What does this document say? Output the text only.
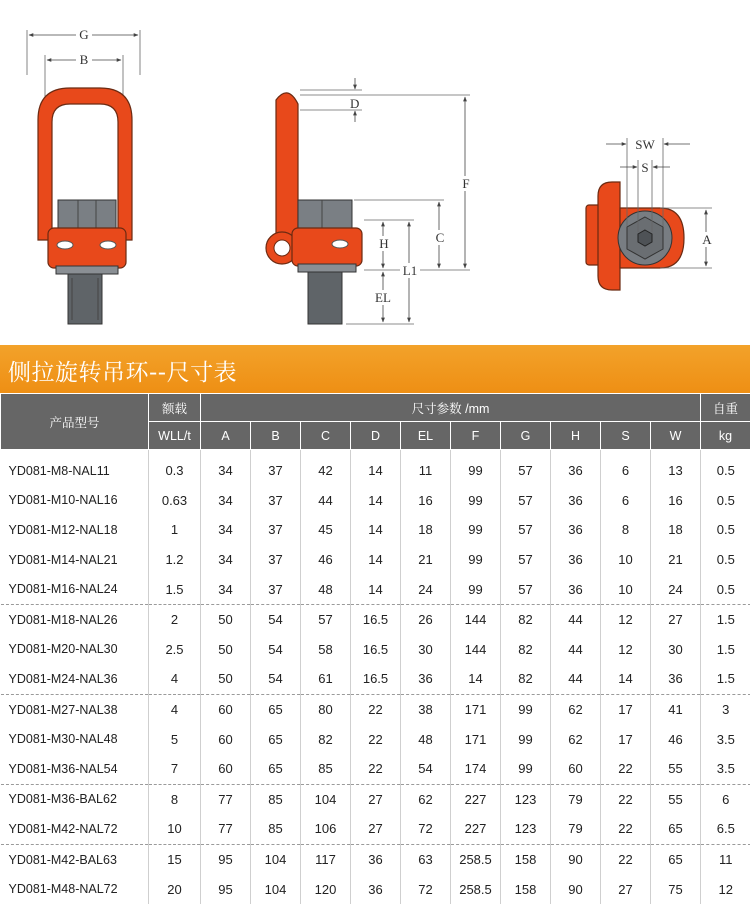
G
B
D
F
C
H
L1
EL
SW
S
A
侧拉旋转吊环--尺寸表
产品型号	额载	尺寸参数 /mm										自重
	WLL/t	A	B	C	D	EL	F	G	H	S	W	kg
YD081-M8-NAL11	0.3	34	37	42	14	11	99	57	36	6	13	0.5
YD081-M10-NAL16	0.63	34	37	44	14	16	99	57	36	6	16	0.5
YD081-M12-NAL18	1	34	37	45	14	18	99	57	36	8	18	0.5
YD081-M14-NAL21	1.2	34	37	46	14	21	99	57	36	10	21	0.5
YD081-M16-NAL24	1.5	34	37	48	14	24	99	57	36	10	24	0.5
YD081-M18-NAL26	2	50	54	57	16.5	26	144	82	44	12	27	1.5
YD081-M20-NAL30	2.5	50	54	58	16.5	30	144	82	44	12	30	1.5
YD081-M24-NAL36	4	50	54	61	16.5	36	14	82	44	14	36	1.5
YD081-M27-NAL38	4	60	65	80	22	38	171	99	62	17	41	3
YD081-M30-NAL48	5	60	65	82	22	48	171	99	62	17	46	3.5
YD081-M36-NAL54	7	60	65	85	22	54	174	99	60	22	55	3.5
YD081-M36-BAL62	8	77	85	104	27	62	227	123	79	22	55	6
YD081-M42-NAL72	10	77	85	106	27	72	227	123	79	22	65	6.5
YD081-M42-BAL63	15	95	104	117	36	63	258.5	158	90	22	65	11
YD081-M48-NAL72	20	95	104	120	36	72	258.5	158	90	27	75	12
